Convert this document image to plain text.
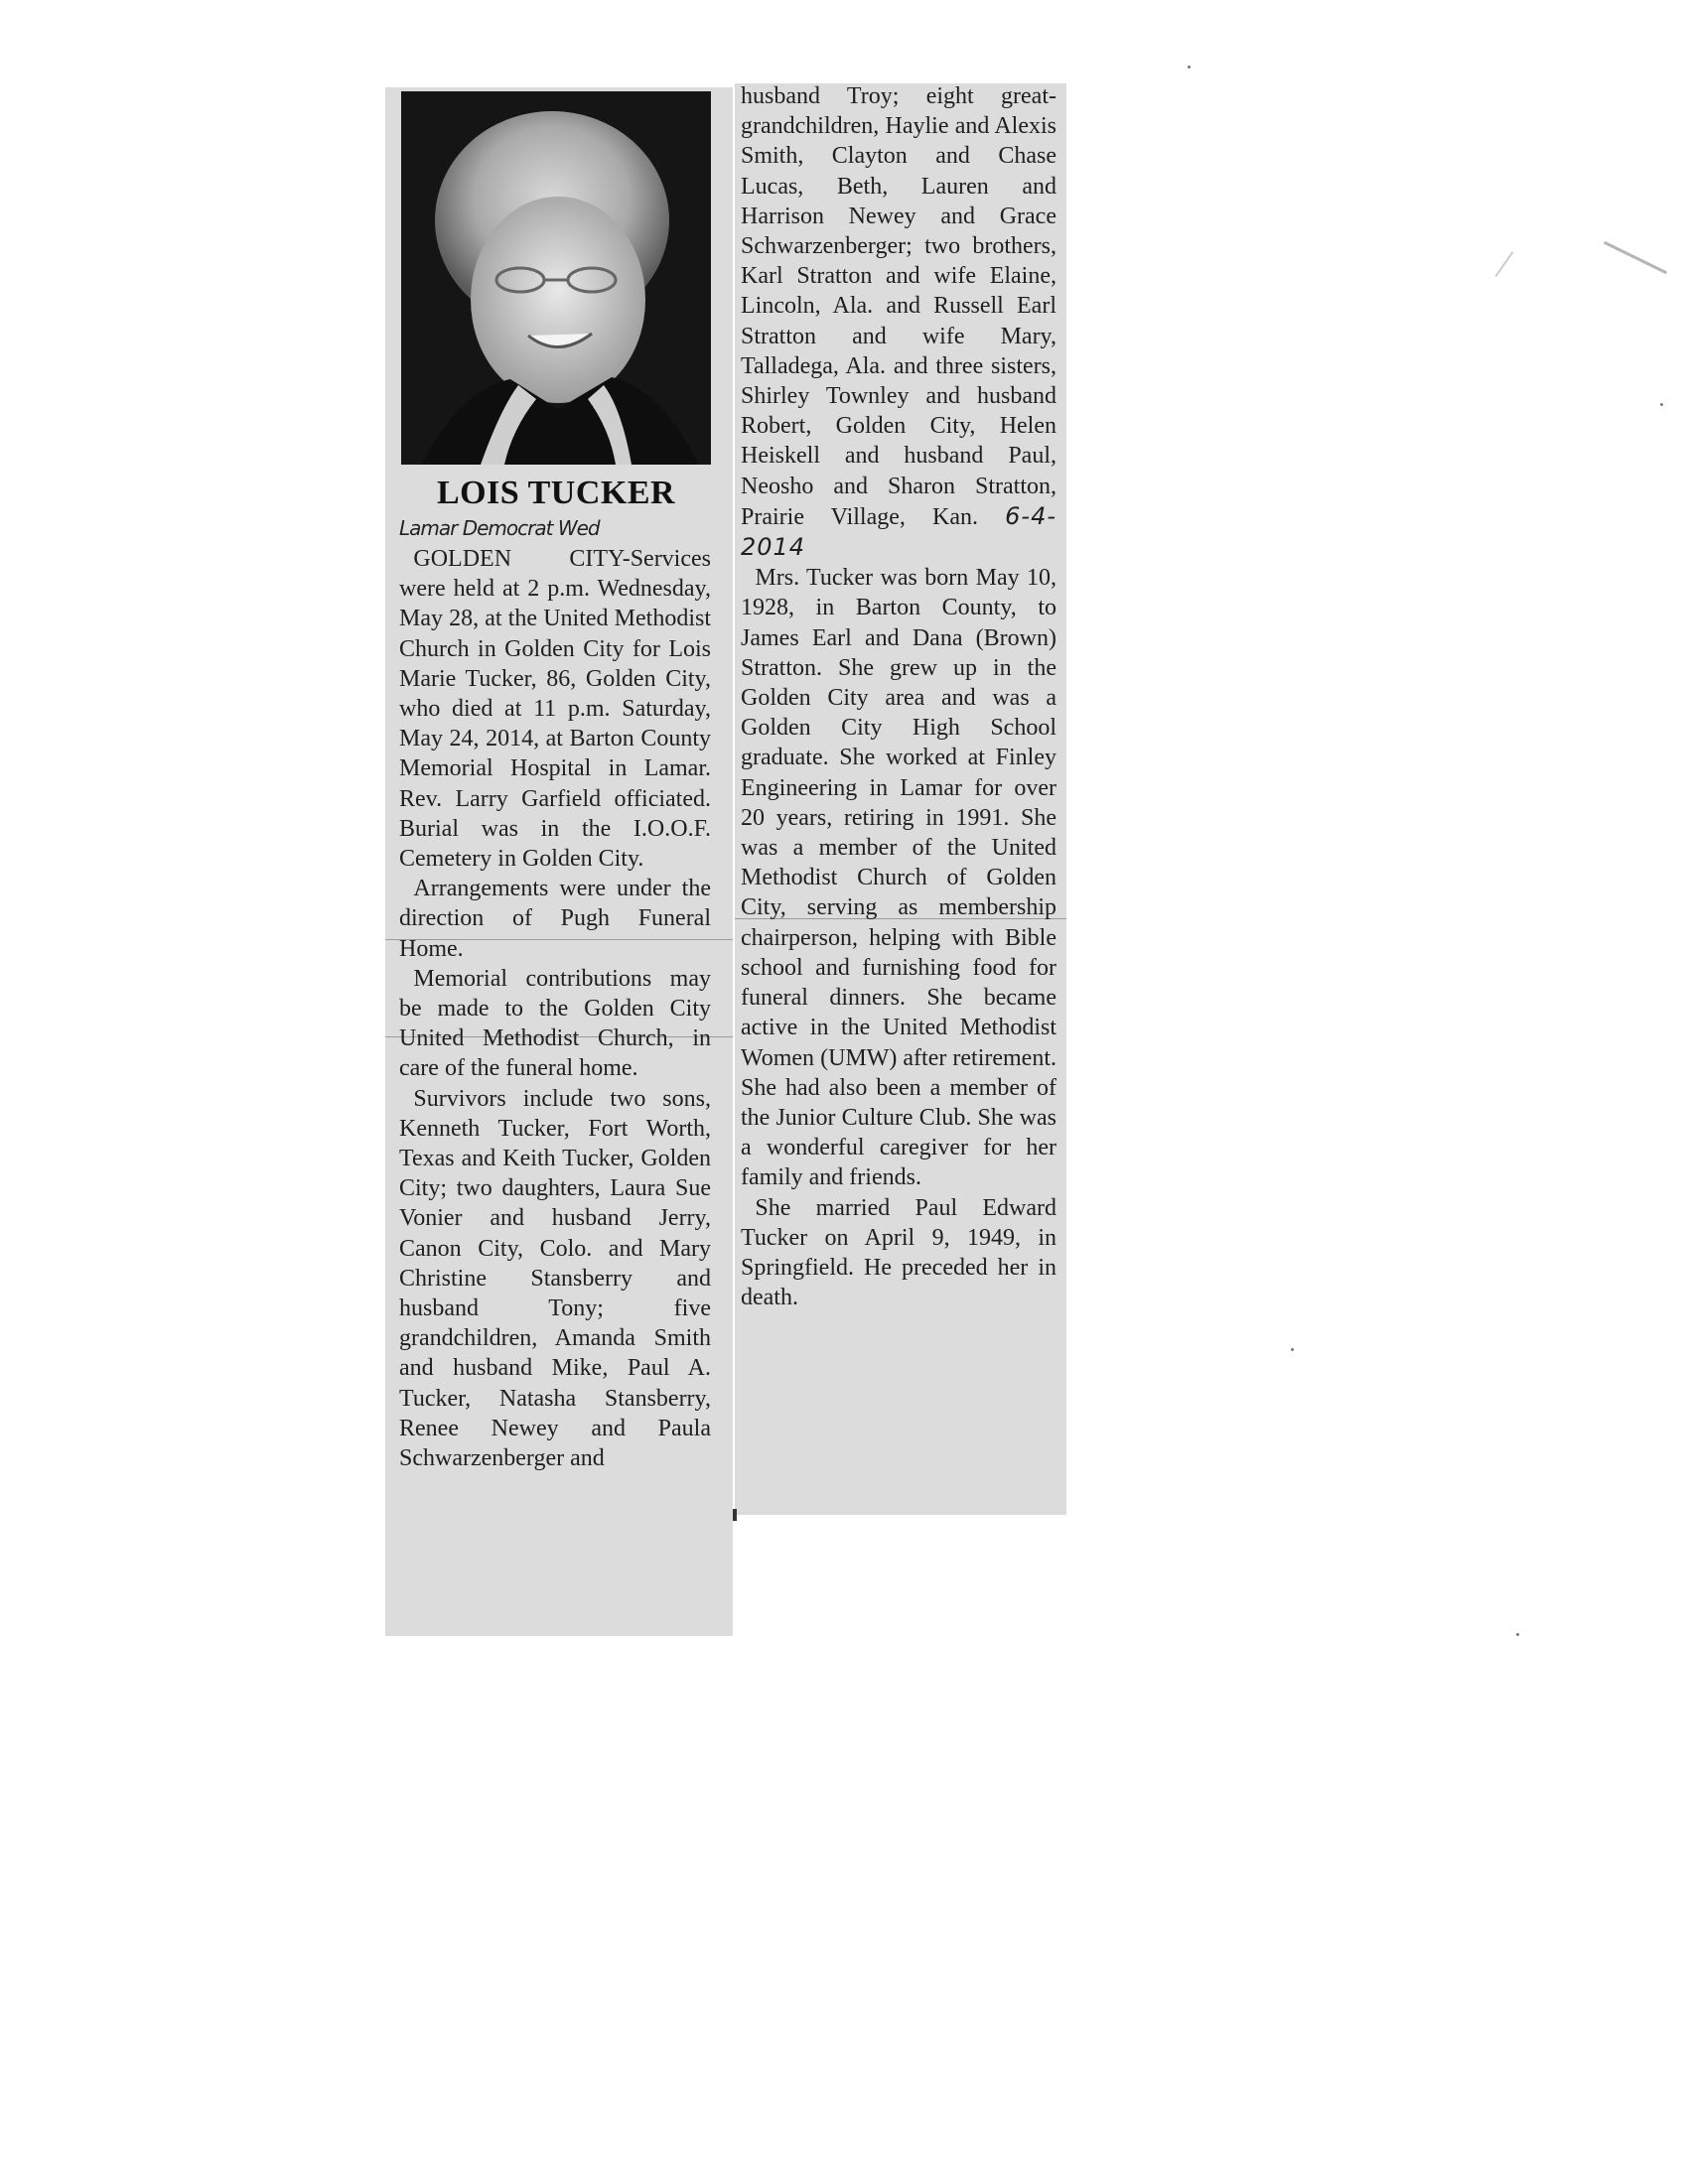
LOIS TUCKER
Lamar Democrat Wed

GOLDEN CITY-Services were held at 2 p.m. Wednesday, May 28, at the United Methodist Church in Golden City for Lois Marie Tucker, 86, Golden City, who died at 11 p.m. Saturday, May 24, 2014, at Barton County Memorial Hospital in Lamar. Rev. Larry Garfield officiated. Burial was in the I.O.O.F. Cemetery in Golden City.

Arrangements were under the direction of Pugh Funeral Home.

Memorial contributions may be made to the Golden City United Methodist Church, in care of the funeral home.

Survivors include two sons, Kenneth Tucker, Fort Worth, Texas and Keith Tucker, Golden City; two daughters, Laura Sue Vonier and husband Jerry, Canon City, Colo. and Mary Christine Stansberry and husband Tony; five grandchildren, Amanda Smith and husband Mike, Paul A. Tucker, Natasha Stansberry, Renee Newey and Paula Schwarzenberger and

husband Troy; eight great-grandchildren, Haylie and Alexis Smith, Clayton and Chase Lucas, Beth, Lauren and Harrison Newey and Grace Schwarzenberger; two brothers, Karl Stratton and wife Elaine, Lincoln, Ala. and Russell Earl Stratton and wife Mary, Talladega, Ala. and three sisters, Shirley Townley and husband Robert, Golden City, Helen Heiskell and husband Paul, Neosho and Sharon Stratton, Prairie Village, Kan. 6-4-2014

Mrs. Tucker was born May 10, 1928, in Barton County, to James Earl and Dana (Brown) Stratton. She grew up in the Golden City area and was a Golden City High School graduate. She worked at Finley Engineering in Lamar for over 20 years, retiring in 1991. She was a member of the United Methodist Church of Golden City, serving as membership chairperson, helping with Bible school and furnishing food for funeral dinners. She became active in the United Methodist Women (UMW) after retirement. She had also been a member of the Junior Culture Club. She was a wonderful caregiver for her family and friends.

She married Paul Edward Tucker on April 9, 1949, in Springfield. He preceded her in death.
